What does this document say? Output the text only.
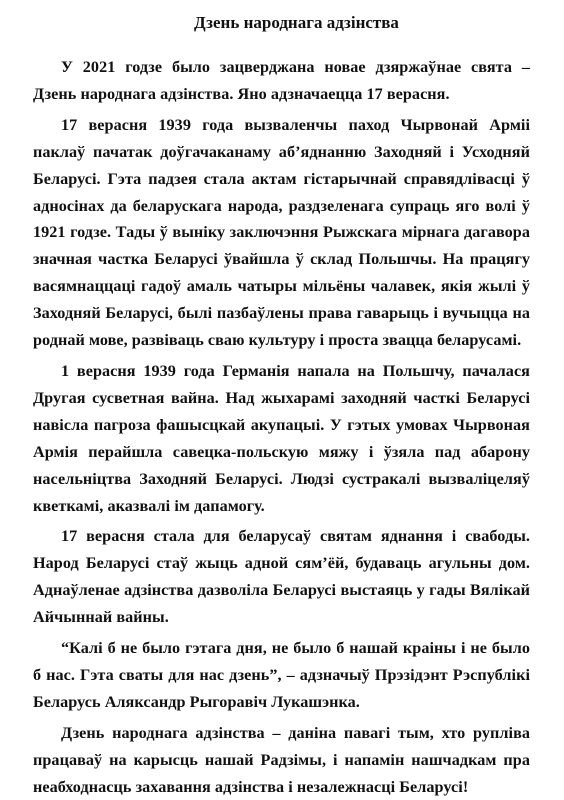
Дзень народнага адзінства

У 2021 годзе было зацверджана новае дзяржаўнае свята – Дзень народнага адзінства. Яно адзначаецца 17 верасня.

17 верасня 1939 года вызваленчы паход Чырвонай Арміі паклаў пачатак доўгачаканаму аб’яднанню Заходняй і Усходняй Беларусі. Гэта падзея стала актам гістарычнай справядлівасці ў адносінах да беларускага народа, раздзеленага супраць яго волі ў 1921 годзе. Тады ў выніку заключэння Рыжскага мірнага дагавора значная частка Беларусі ўвайшла ў склад Польшчы. На працягу васямнаццаці гадоў амаль чатыры мільёны чалавек, якія жылі ў Заходняй Беларусі, былі пазбаўлены права гаварыць і вучыцца на роднай мове, развіваць сваю культуру і проста звацца беларусамі.

1 верасня 1939 года Германія напала на Польшчу, пачалася Другая сусветная вайна. Над жыхарамі заходняй часткі Беларусі навісла пагроза фашысцкай акупацыі. У гэтых умовах Чырвоная Армія перайшла савецка-польскую мяжу і ўзяла пад абарону насельніцтва Заходняй Беларусі. Людзі сустракалі вызваліцеляў кветкамі, аказвалі ім дапамогу.

17 верасня стала для беларусаў святам яднання і свабоды. Народ Беларусі стаў жыць адной сям’ёй, будаваць агульны дом. Аднаўленае адзінства дазволіла Беларусі выстаяць у гады Вялікай Айчыннай вайны.

“Калі б не было гэтага дня, не было б нашай краіны і не было б нас. Гэта сваты для нас дзень”, – адзначыў Прэзідэнт Рэспублікі Беларусь Аляксандр Рыгоравіч Лукашэнка.

Дзень народнага адзінства – даніна павагі тым, хто руплiва працаваў на карысць нашай Радзімы, і напамін нашчадкам пра неабходнасць захавання адзінства і незалежнасці Беларусі!
